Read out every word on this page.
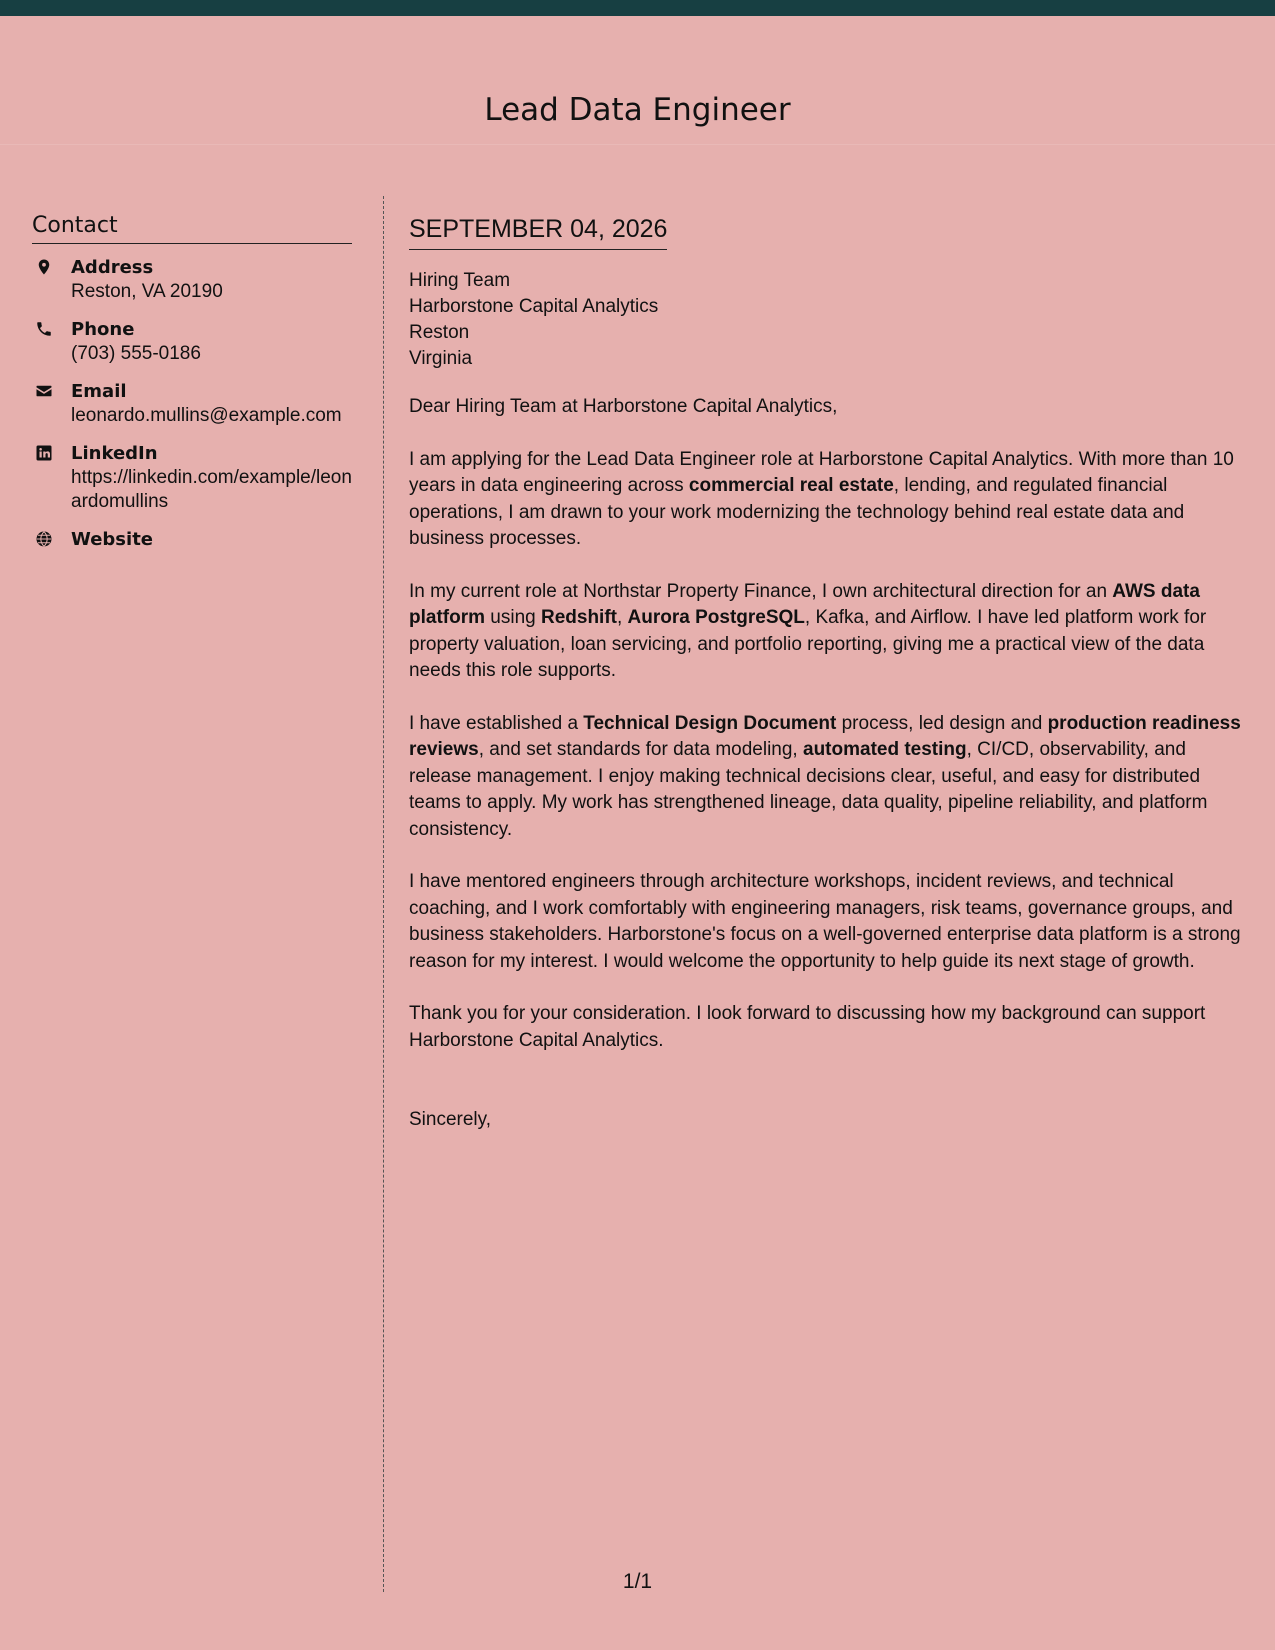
Lead Data Engineer
Contact
Address
Reston, VA 20190
Phone
(703) 555-0186
Email
leonardo.mullins@example.com
LinkedIn
https://linkedin.com/example/leonardomullins
Website
SEPTEMBER 04, 2026
Hiring Team
Harborstone Capital Analytics
Reston
Virginia

Dear Hiring Team at Harborstone Capital Analytics,

I am applying for the Lead Data Engineer role at Harborstone Capital Analytics. With more than 10 years in data engineering across commercial real estate, lending, and regulated financial operations, I am drawn to your work modernizing the technology behind real estate data and business processes.

In my current role at Northstar Property Finance, I own architectural direction for an AWS data platform using Redshift, Aurora PostgreSQL, Kafka, and Airflow. I have led platform work for property valuation, loan servicing, and portfolio reporting, giving me a practical view of the data needs this role supports.

I have established a Technical Design Document process, led design and production readiness reviews, and set standards for data modeling, automated testing, CI/CD, observability, and release management. I enjoy making technical decisions clear, useful, and easy for distributed teams to apply. My work has strengthened lineage, data quality, pipeline reliability, and platform consistency.

I have mentored engineers through architecture workshops, incident reviews, and technical coaching, and I work comfortably with engineering managers, risk teams, governance groups, and business stakeholders. Harborstone's focus on a well-governed enterprise data platform is a strong reason for my interest. I would welcome the opportunity to help guide its next stage of growth.

Thank you for your consideration. I look forward to discussing how my background can support Harborstone Capital Analytics.

Sincerely,

1/1
